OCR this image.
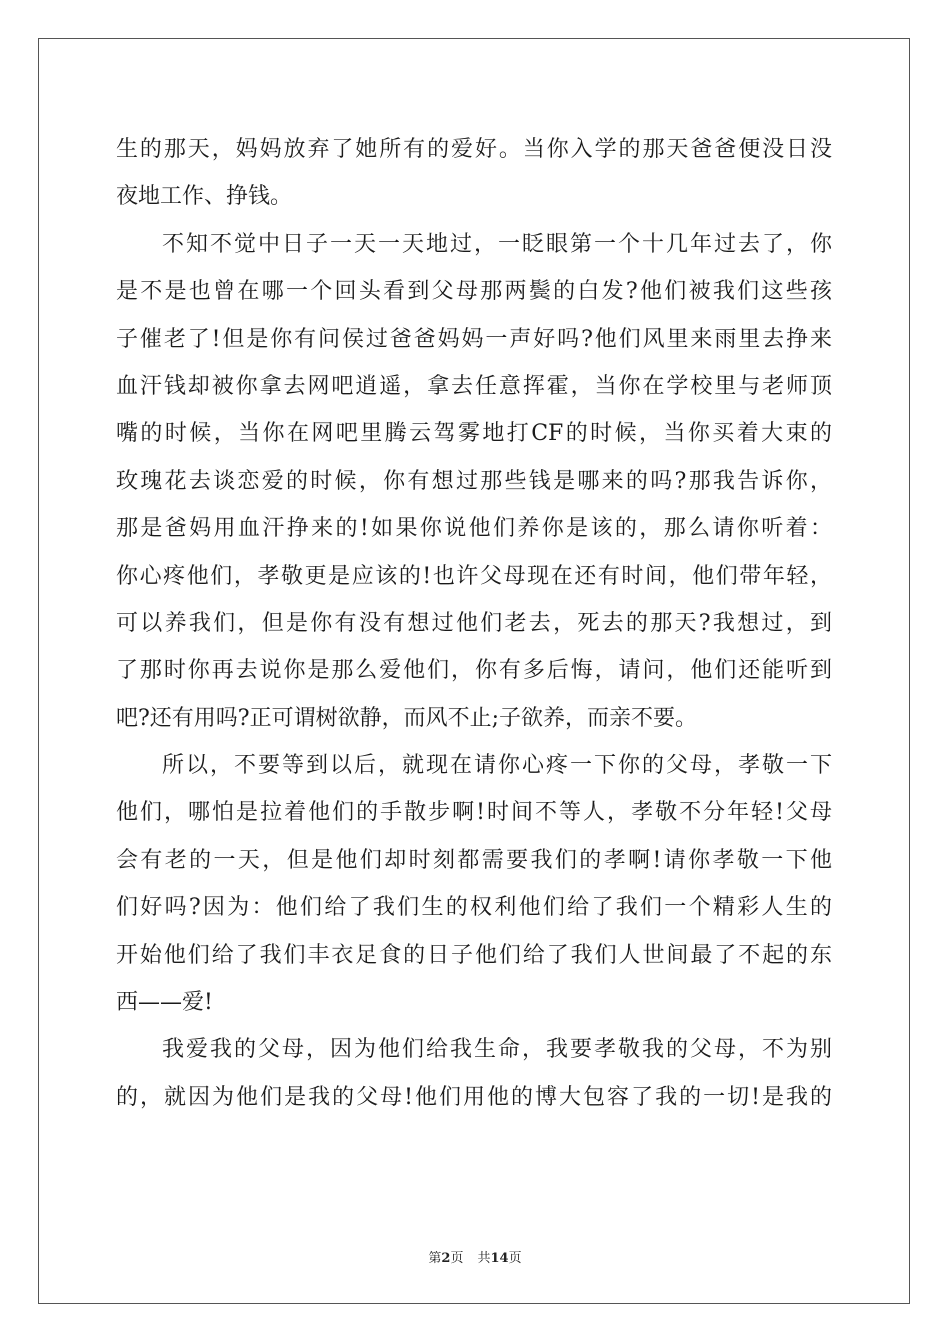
生的那天，妈妈放弃了她所有的爱好。当你入学的那天爸爸便没日没
夜地工作、挣钱。
不知不觉中日子一天一天地过，一眨眼第一个十几年过去了，你
是不是也曾在哪一个回头看到父母那两鬓的白发?他们被我们这些孩
子催老了!但是你有问侯过爸爸妈妈一声好吗?他们风里来雨里去挣来
血汗钱却被你拿去网吧逍遥，拿去任意挥霍，当你在学校里与老师顶
嘴的时候，当你在网吧里腾云驾雾地打CF的时候，当你买着大束的
玫瑰花去谈恋爱的时候，你有想过那些钱是哪来的吗?那我告诉你，
那是爸妈用血汗挣来的!如果你说他们养你是该的，那么请你听着：
你心疼他们，孝敬更是应该的!也许父母现在还有时间，他们带年轻，
可以养我们，但是你有没有想过他们老去，死去的那天?我想过，到
了那时你再去说你是那么爱他们，你有多后悔，请问，他们还能听到
吧?还有用吗?正可谓树欲静，而风不止;子欲养，而亲不要。
所以，不要等到以后，就现在请你心疼一下你的父母，孝敬一下
他们，哪怕是拉着他们的手散步啊!时间不等人，孝敬不分年轻!父母
会有老的一天，但是他们却时刻都需要我们的孝啊!请你孝敬一下他
们好吗?因为：他们给了我们生的权利他们给了我们一个精彩人生的
开始他们给了我们丰衣足食的日子他们给了我们人世间最了不起的东
西——爱!
我爱我的父母，因为他们给我生命，我要孝敬我的父母，不为别
的，就因为他们是我的父母!他们用他的博大包容了我的一切!是我的
第2页 共14页
